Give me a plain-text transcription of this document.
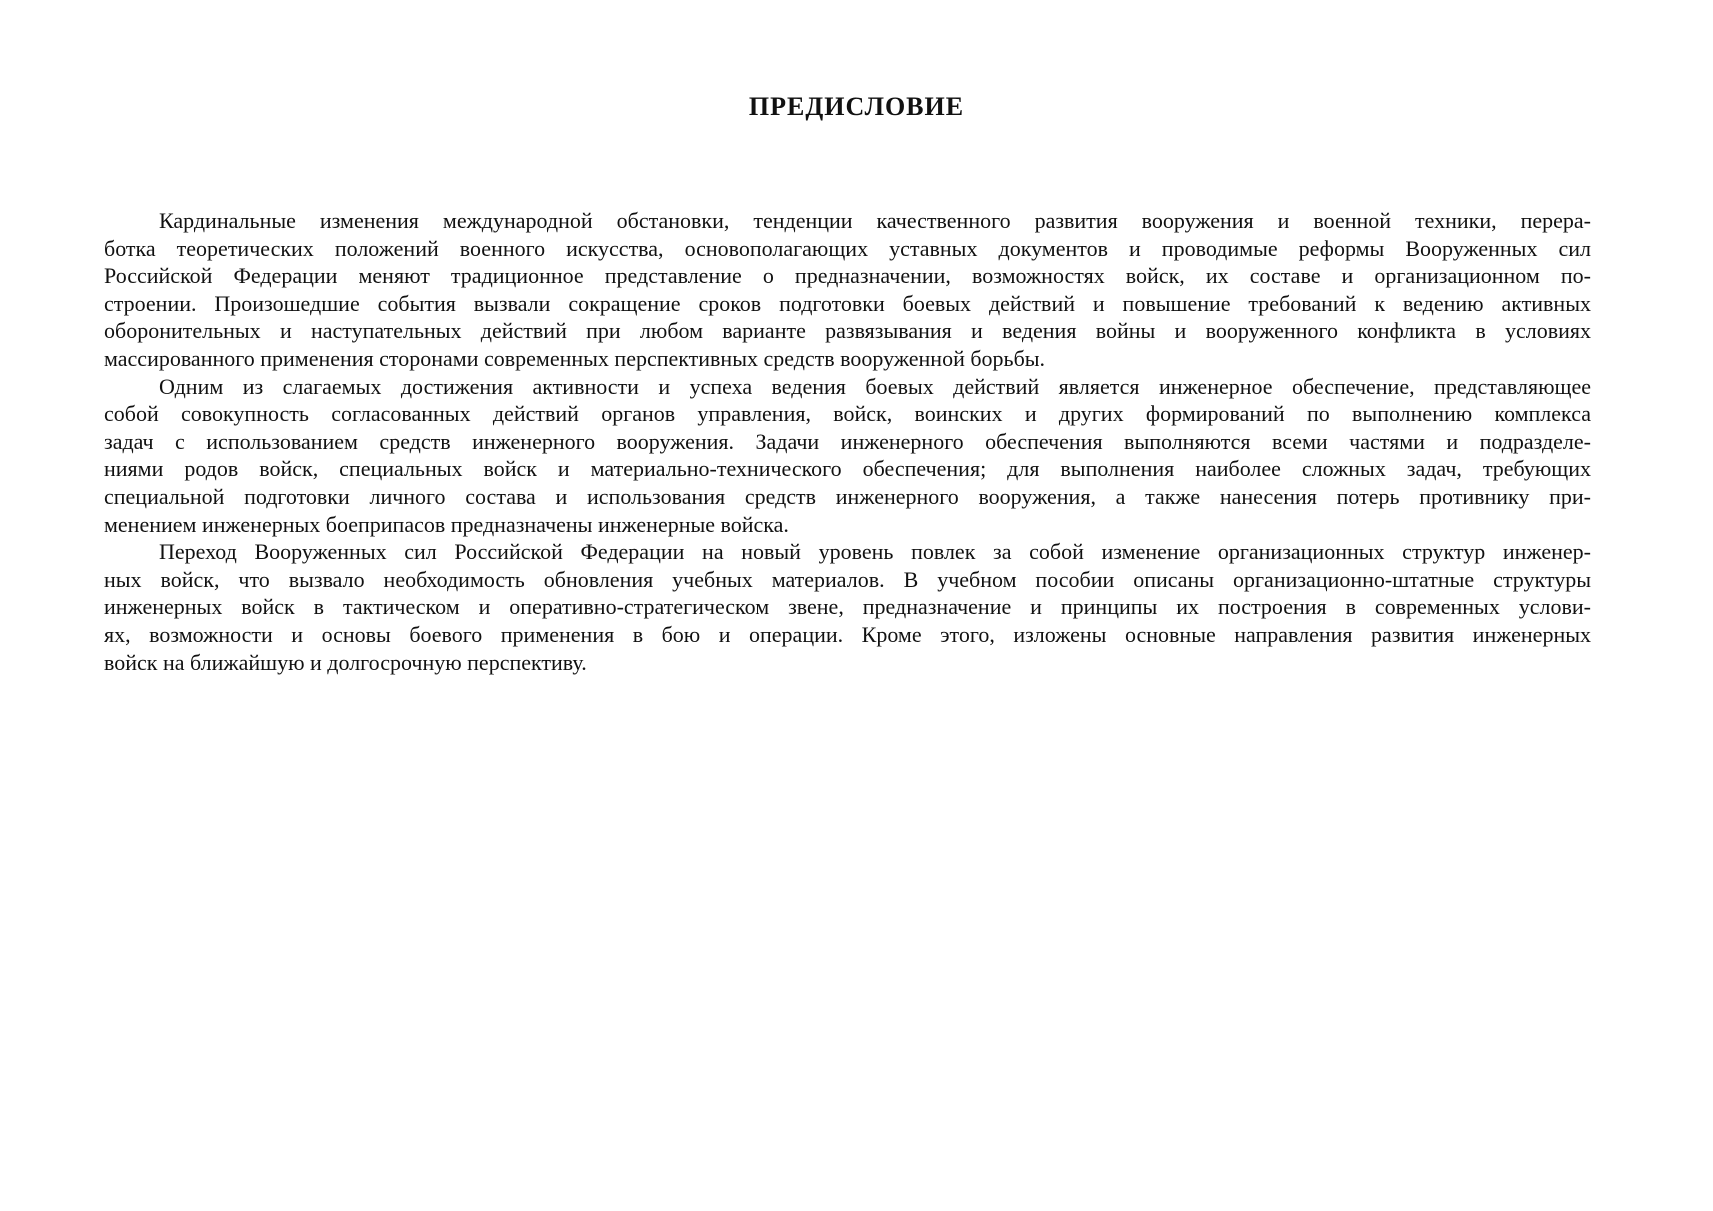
ПРЕДИСЛОВИЕ
Кардинальные изменения международной обстановки, тенденции качественного развития вооружения и военной техники, перера-
ботка теоретических положений военного искусства, основополагающих уставных документов и проводимые реформы Вооруженных сил
Российской Федерации меняют традиционное представление о предназначении, возможностях войск, их составе и организационном по-
строении. Произошедшие события вызвали сокращение сроков подготовки боевых действий и повышение требований к ведению активных
оборонительных и наступательных действий при любом варианте развязывания и ведения войны и вооруженного конфликта в условиях
массированного применения сторонами современных перспективных средств вооруженной борьбы.
Одним из слагаемых достижения активности и успеха ведения боевых действий является инженерное обеспечение, представляющее
собой совокупность согласованных действий органов управления, войск, воинских и других формирований по выполнению комплекса
задач с использованием средств инженерного вооружения. Задачи инженерного обеспечения выполняются всеми частями и подразделе-
ниями родов войск, специальных войск и материально-технического обеспечения; для выполнения наиболее сложных задач, требующих
специальной подготовки личного состава и использования средств инженерного вооружения, а также нанесения потерь противнику при-
менением инженерных боеприпасов предназначены инженерные войска.
Переход Вооруженных сил Российской Федерации на новый уровень повлек за собой изменение организационных структур инженер-
ных войск, что вызвало необходимость обновления учебных материалов. В учебном пособии описаны организационно-штатные структуры
инженерных войск в тактическом и оперативно-стратегическом звене, предназначение и принципы их построения в современных услови-
ях, возможности и основы боевого применения в бою и операции. Кроме этого, изложены основные направления развития инженерных
войск на ближайшую и долгосрочную перспективу.
